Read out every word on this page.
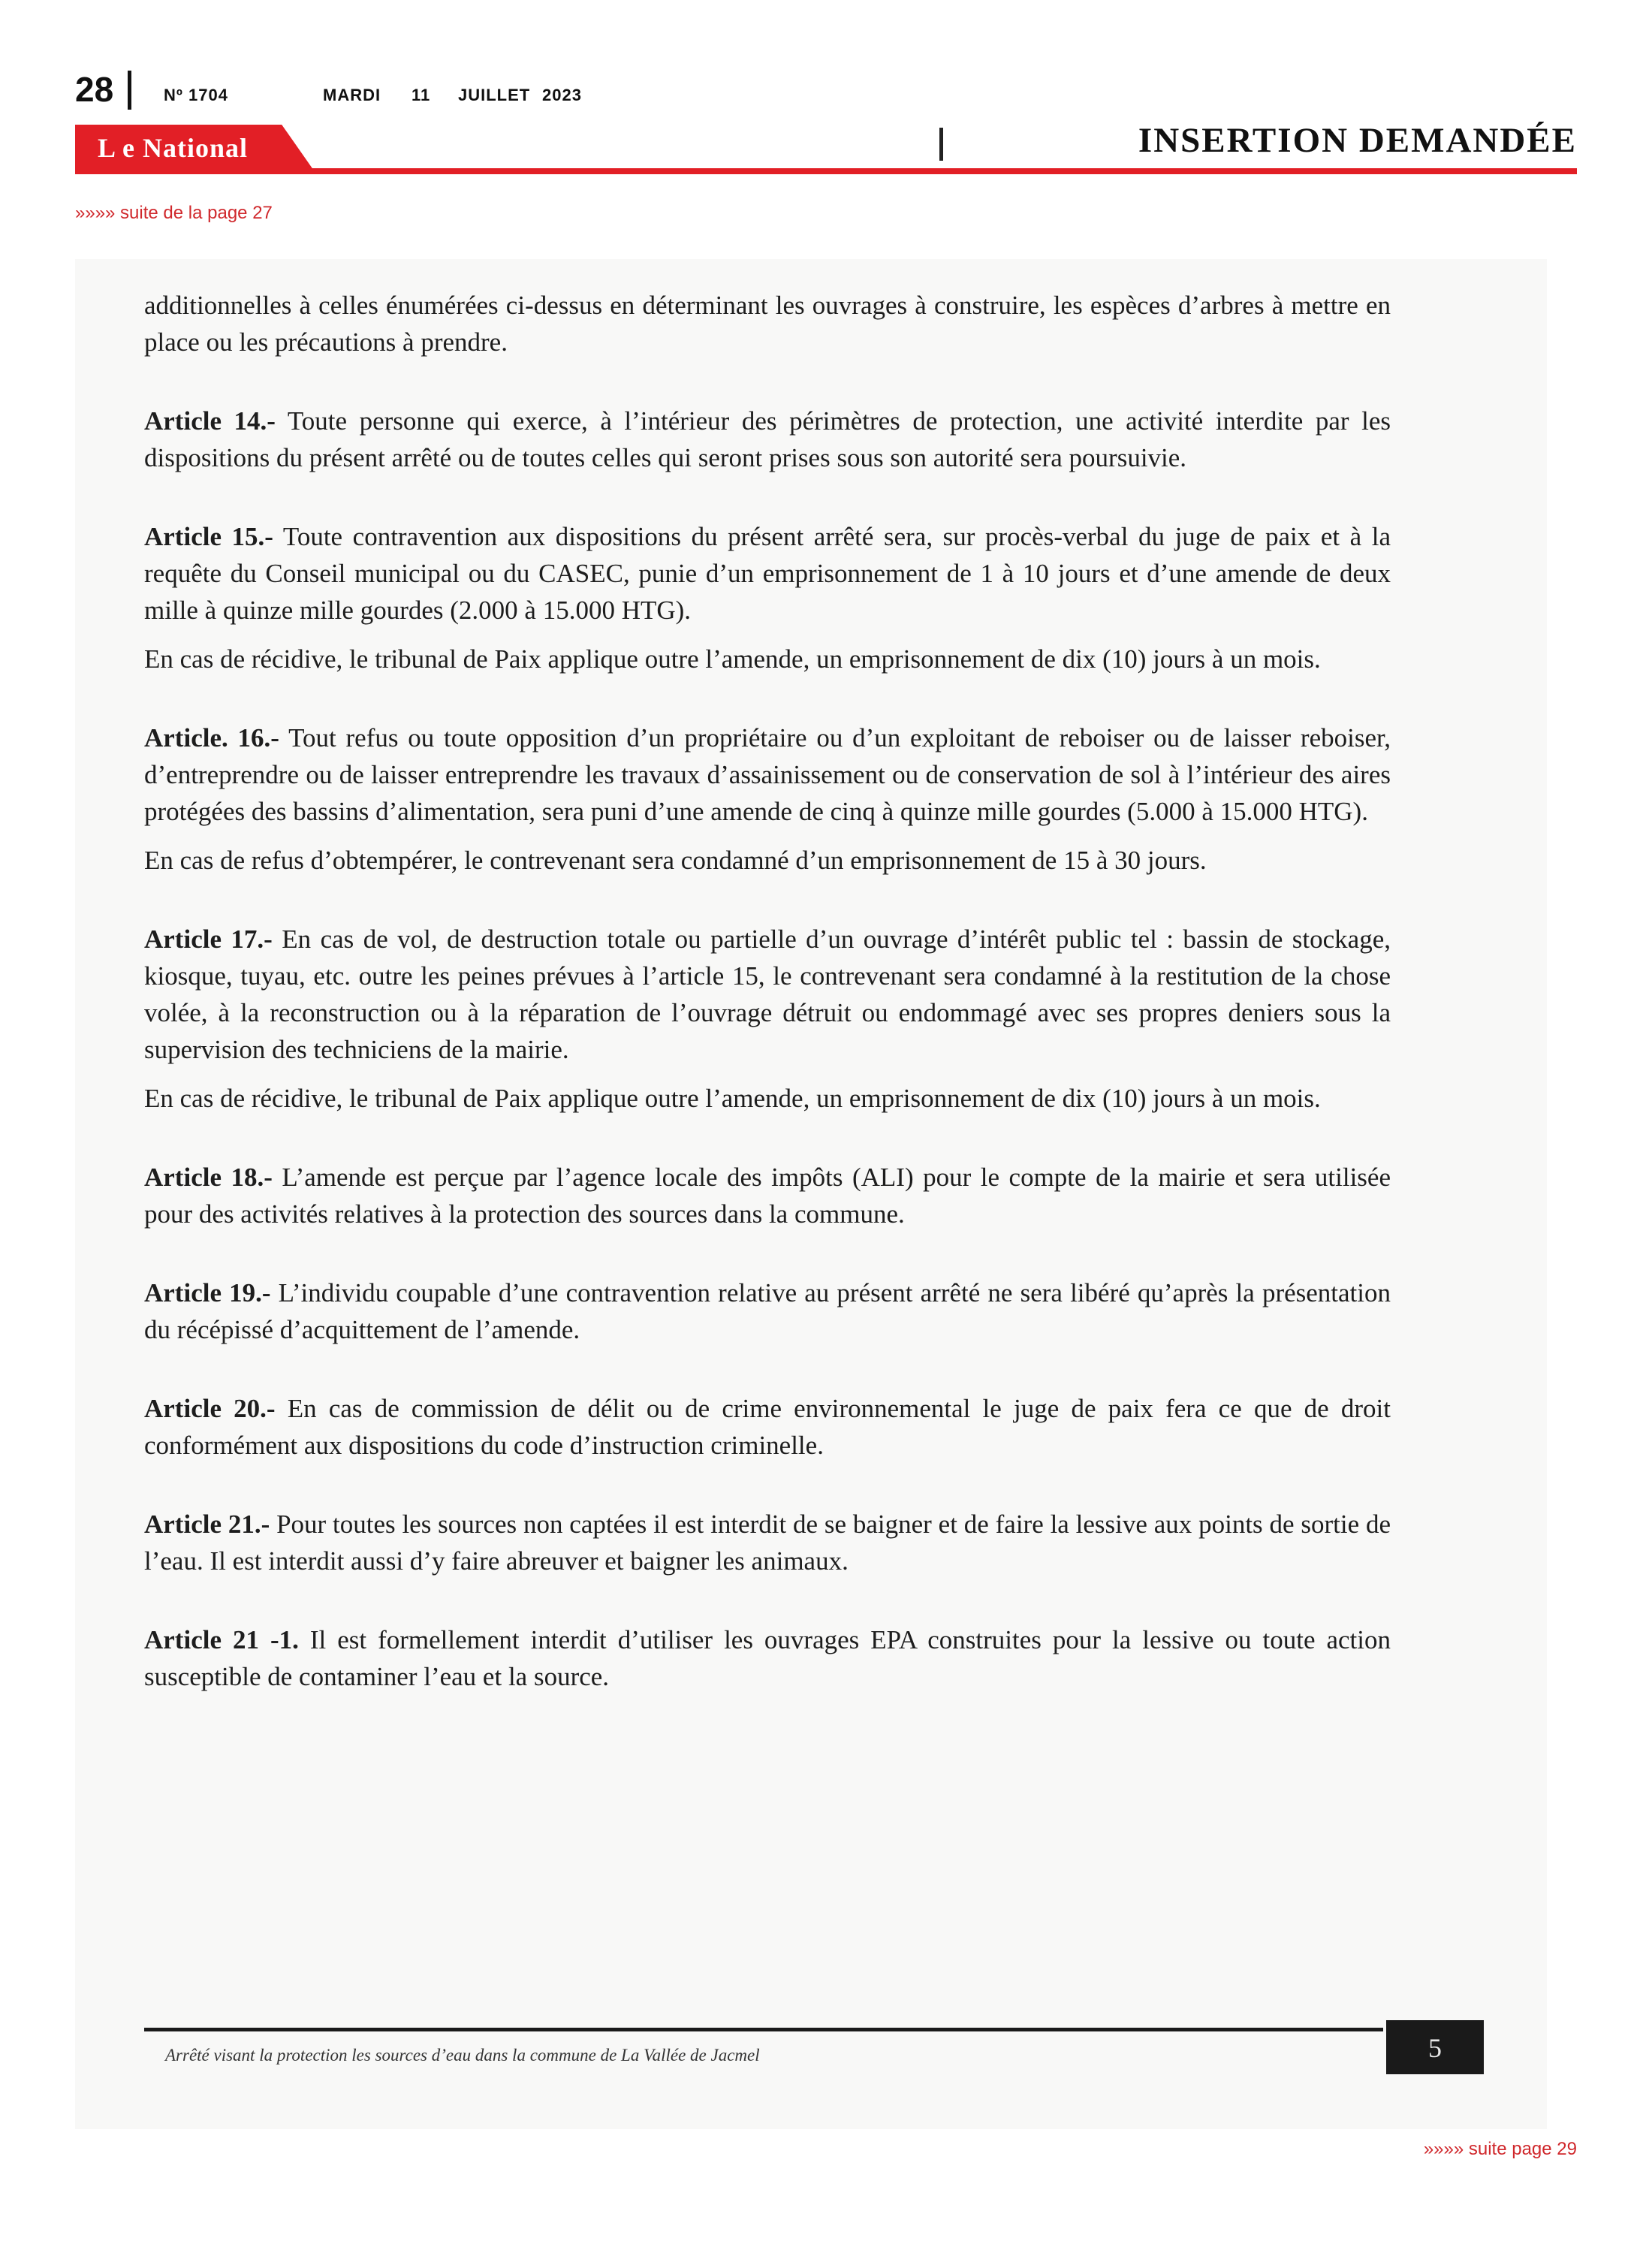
28	Nº 1704	MARDI 11 JUILLET 2023
L e National	INSERTION DEMANDÉE
»»»» suite de la page 27

additionnelles à celles énumérées ci-dessus en déterminant les ouvrages à construire, les espèces d’arbres à mettre en place ou les précautions à prendre.

Article 14.- Toute personne qui exerce, à l’intérieur des périmètres de protection, une activité interdite par les dispositions du présent arrêté ou de toutes celles qui seront prises sous son autorité sera poursuivie.

Article 15.- Toute contravention aux dispositions du présent arrêté sera, sur procès-verbal du juge de paix et à la requête du Conseil municipal ou du CASEC, punie d’un emprisonnement de 1 à 10 jours et d’une amende de deux mille à quinze mille gourdes (2.000 à 15.000 HTG).

En cas de récidive, le tribunal de Paix applique outre l’amende, un emprisonnement de dix (10) jours à un mois.

Article. 16.- Tout refus ou toute opposition d’un propriétaire ou d’un exploitant de reboiser ou de laisser reboiser, d’entreprendre ou de laisser entreprendre les travaux d’assainissement ou de conservation de sol à l’intérieur des aires protégées des bassins d’alimentation, sera puni d’une amende de cinq à quinze mille gourdes (5.000 à 15.000 HTG).

En cas de refus d’obtempérer, le contrevenant sera condamné d’un emprisonnement de 15 à 30 jours.

Article 17.- En cas de vol, de destruction totale ou partielle d’un ouvrage d’intérêt public tel : bassin de stockage, kiosque, tuyau, etc. outre les peines prévues à l’article 15, le contrevenant sera condamné à la restitution de la chose volée, à la reconstruction ou à la réparation de l’ouvrage détruit ou endommagé avec ses propres deniers sous la supervision des techniciens de la mairie.

En cas de récidive, le tribunal de Paix applique outre l’amende, un emprisonnement de dix (10) jours à un mois.

Article 18.- L’amende est perçue par l’agence locale des impôts (ALI) pour le compte de la mairie et sera utilisée pour des activités relatives à la protection des sources dans la commune.

Article 19.- L’individu coupable d’une contravention relative au présent arrêté ne sera libéré qu’après la présentation du récépissé d’acquittement de l’amende.

Article 20.- En cas de commission de délit ou de crime environnemental le juge de paix fera ce que de droit conformément aux dispositions du code d’instruction criminelle.

Article 21.- Pour toutes les sources non captées il est interdit de se baigner et de faire la lessive aux points de sortie de l’eau. Il est interdit aussi d’y faire abreuver et baigner les animaux.

Article 21 -1. Il est formellement interdit d’utiliser les ouvrages EPA construites pour la lessive ou toute action susceptible de contaminer l’eau et la source.

Arrêté visant la protection les sources d’eau dans la commune de La Vallée de Jacmel	5
»»»» suite page 29
